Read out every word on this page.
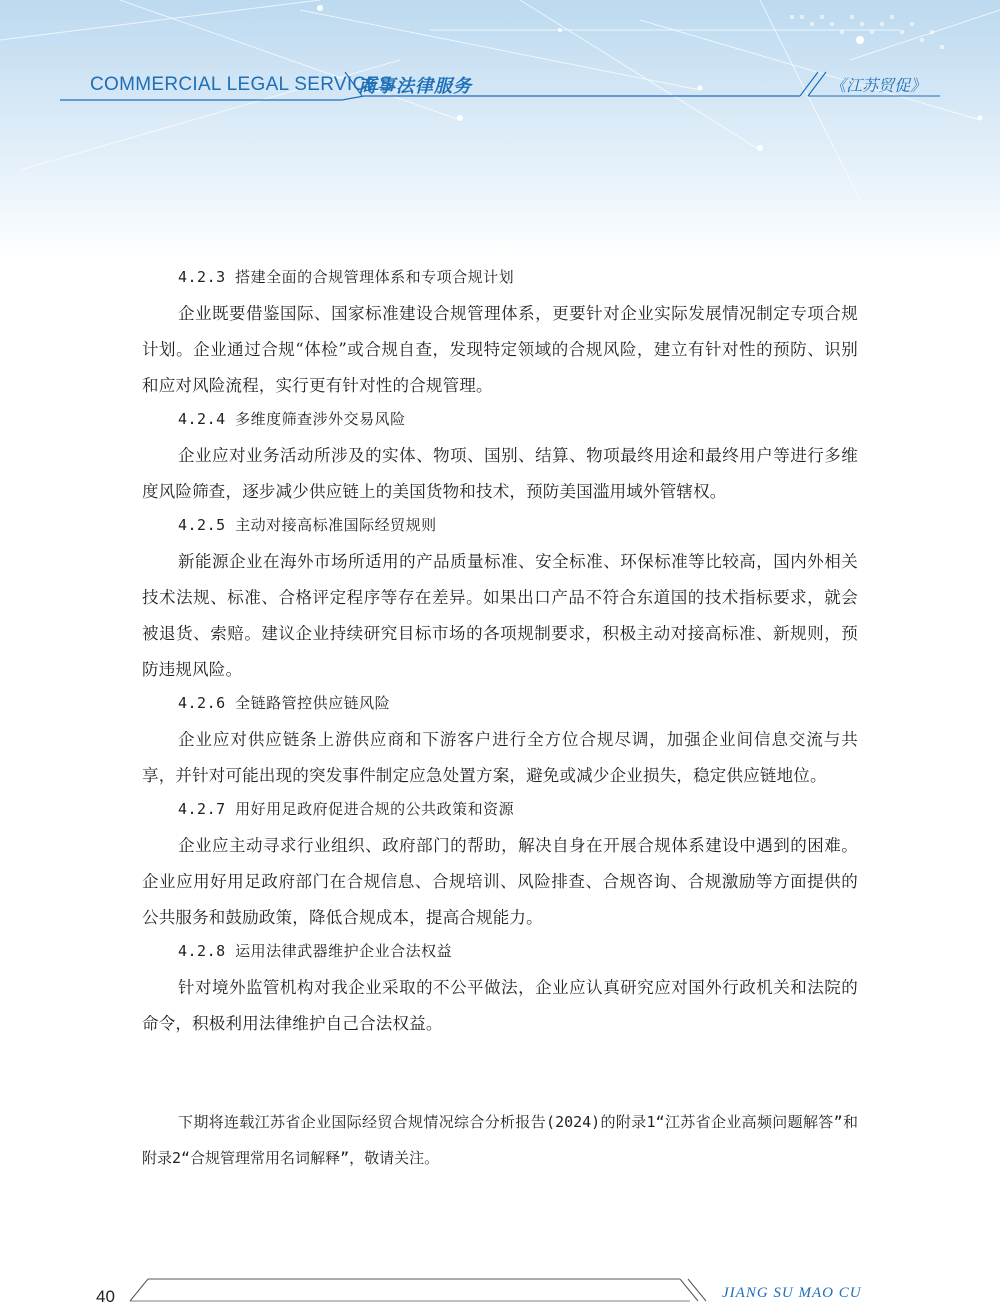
COMMERCIAL LEGAL SERVICES
商事法律服务	《江苏贸促》
4.2.3 搭建全面的合规管理体系和专项合规计划

企业既要借鉴国际、国家标准建设合规管理体系，更要针对企业实际发展情况制定专项合规计划。企业通过合规“体检”或合规自查，发现特定领域的合规风险，建立有针对性的预防、识别和应对风险流程，实行更有针对性的合规管理。

4.2.4 多维度筛查涉外交易风险

企业应对业务活动所涉及的实体、物项、国别、结算、物项最终用途和最终用户等进行多维度风险筛查，逐步减少供应链上的美国货物和技术，预防美国滥用域外管辖权。

4.2.5 主动对接高标准国际经贸规则

新能源企业在海外市场所适用的产品质量标准、安全标准、环保标准等比较高，国内外相关技术法规、标准、合格评定程序等存在差异。如果出口产品不符合东道国的技术指标要求，就会被退货、索赔。建议企业持续研究目标市场的各项规制要求，积极主动对接高标准、新规则，预防违规风险。

4.2.6 全链路管控供应链风险

企业应对供应链条上游供应商和下游客户进行全方位合规尽调，加强企业间信息交流与共享，并针对可能出现的突发事件制定应急处置方案，避免或减少企业损失，稳定供应链地位。

4.2.7 用好用足政府促进合规的公共政策和资源

企业应主动寻求行业组织、政府部门的帮助，解决自身在开展合规体系建设中遇到的困难。企业应用好用足政府部门在合规信息、合规培训、风险排查、合规咨询、合规激励等方面提供的公共服务和鼓励政策，降低合规成本，提高合规能力。

4.2.8 运用法律武器维护企业合法权益

针对境外监管机构对我企业采取的不公平做法，企业应认真研究应对国外行政机关和法院的命令，积极利用法律维护自己合法权益。

下期将连载江苏省企业国际经贸合规情况综合分析报告(2024)的附录1“江苏省企业高频问题解答”和附录2“合规管理常用名词解释”，敬请关注。
40	JIANG SU MAO CU
